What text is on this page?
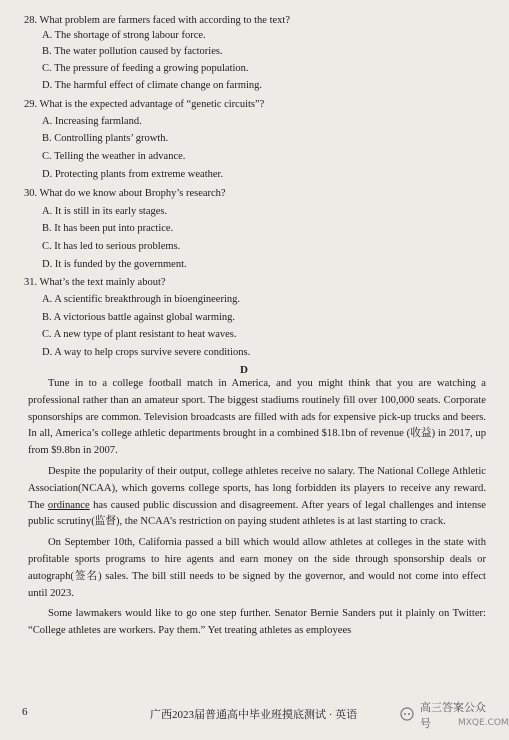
28. What problem are farmers faced with according to the text?
A. The shortage of strong labour force.
B. The water pollution caused by factories.
C. The pressure of feeding a growing population.
D. The harmful effect of climate change on farming.
29. What is the expected advantage of “genetic circuits”?
A. Increasing farmland.
B. Controlling plants’ growth.
C. Telling the weather in advance.
D. Protecting plants from extreme weather.
30. What do we know about Brophy’s research?
A. It is still in its early stages.
B. It has been put into practice.
C. It has led to serious problems.
D. It is funded by the government.
31. What’s the text mainly about?
A. A scientific breakthrough in bioengineering.
B. A victorious battle against global warming.
C. A new type of plant resistant to heat waves.
D. A way to help crops survive severe conditions.
D

Tune in to a college football match in America, and you might think that you are watching a professional rather than an amateur sport. The biggest stadiums routinely fill over 100,000 seats. Corporate sponsorships are common. Television broadcasts are filled with ads for expensive pick-up trucks and beers. In all, America’s college athletic departments brought in a combined $18.1bn of revenue (收益) in 2017, up from $9.8bn in 2007.

Despite the popularity of their output, college athletes receive no salary. The National College Athletic Association(NCAA), which governs college sports, has long forbidden its players to receive any reward. The ordinance has caused public discussion and disagreement. After years of legal challenges and intense public scrutiny(监督), the NCAA’s restriction on paying student athletes is at last starting to crack.

On September 10th, California passed a bill which would allow athletes at colleges in the state with profitable sports programs to hire agents and earn money on the side through sponsorship deals or autograph(签名) sales. The bill still needs to be signed by the governor, and would not come into effect until 2023.

Some lawmakers would like to go one step further. Senator Bernie Sanders put it plainly on Twitter: “College athletes are workers. Pay them.” Yet treating athletes as employees

6	广西2023届普通高中毕业班摸底测试 · 英语
高三答案公众号	MXQE.COM
